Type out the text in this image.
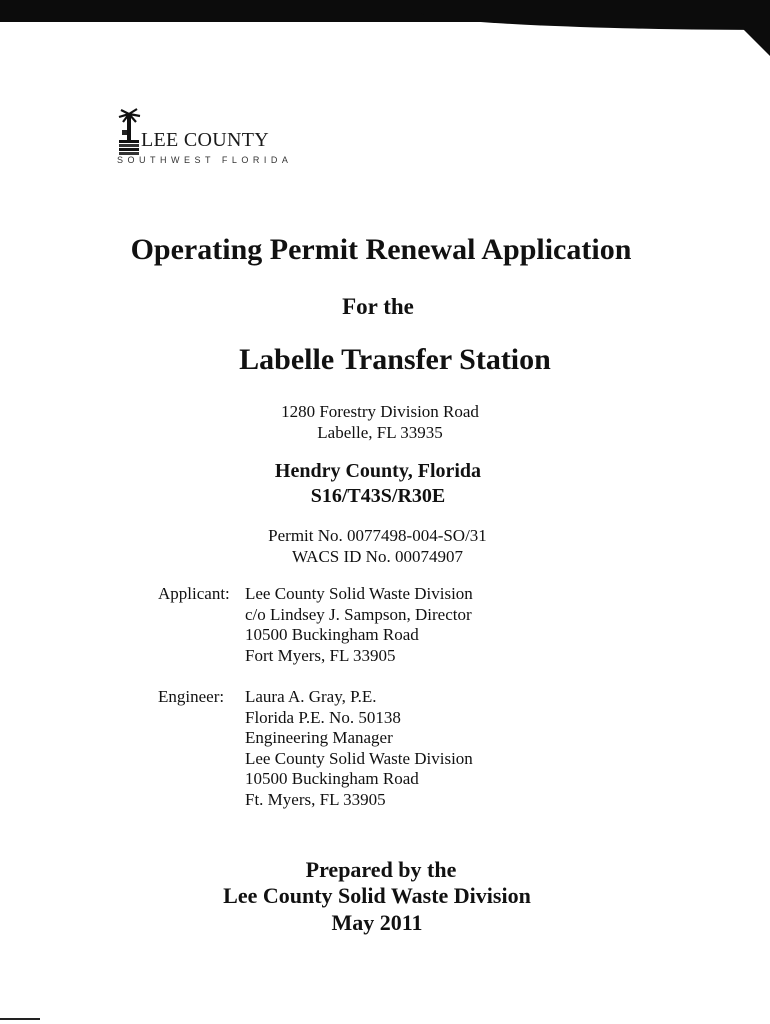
LEE COUNTY
SOUTHWEST FLORIDA
Operating Permit Renewal Application
For the
Labelle Transfer Station
1280 Forestry Division Road
Labelle, FL 33935
Hendry County, Florida
S16/T43S/R30E
Permit No. 0077498-004-SO/31
WACS ID No. 00074907
Applicant: Lee County Solid Waste Division
c/o Lindsey J. Sampson, Director
10500 Buckingham Road
Fort Myers, FL 33905
Engineer: Laura A. Gray, P.E.
Florida P.E. No. 50138
Engineering Manager
Lee County Solid Waste Division
10500 Buckingham Road
Ft. Myers, FL 33905
Prepared by the
Lee County Solid Waste Division
May 2011
